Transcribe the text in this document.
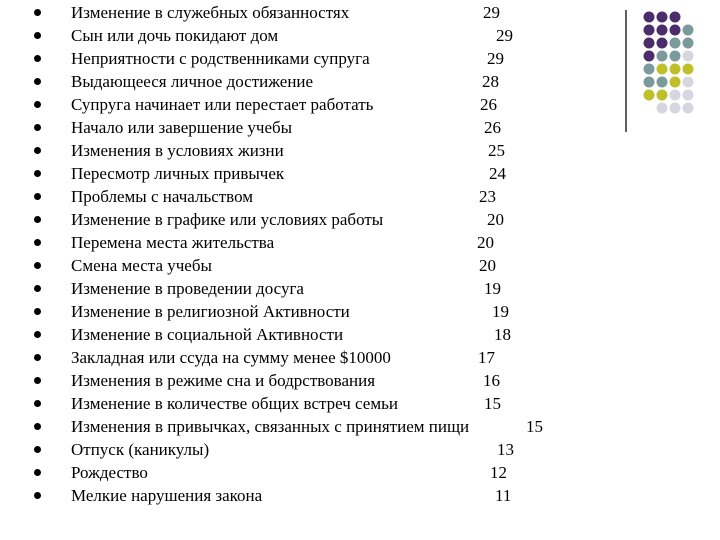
Изменение в служебных обязанностях	29
Сын или дочь покидают дом	29
Неприятности с родственниками супруга	29
Выдающееся личное достижение	28
Супруга начинает или перестает работать	26
Начало или завершение учебы	26
Изменения в условиях жизни	25
Пересмотр личных привычек	24
Проблемы с начальством	23
Изменение в графике или условиях работы	20
Перемена места жительства	20
Смена места учебы	20
Изменение в проведении досуга	19
Изменение в религиозной Активности	19
Изменение в социальной Активности	18
Закладная или ссуда на сумму менее $10000	17
Изменения в режиме сна и бодрствования	16
Изменение в количестве общих встреч семьи	15
Изменения в привычках, связанных с принятием пищи	15
Отпуск (каникулы)	13
Рождество	12
Мелкие нарушения закона	11
